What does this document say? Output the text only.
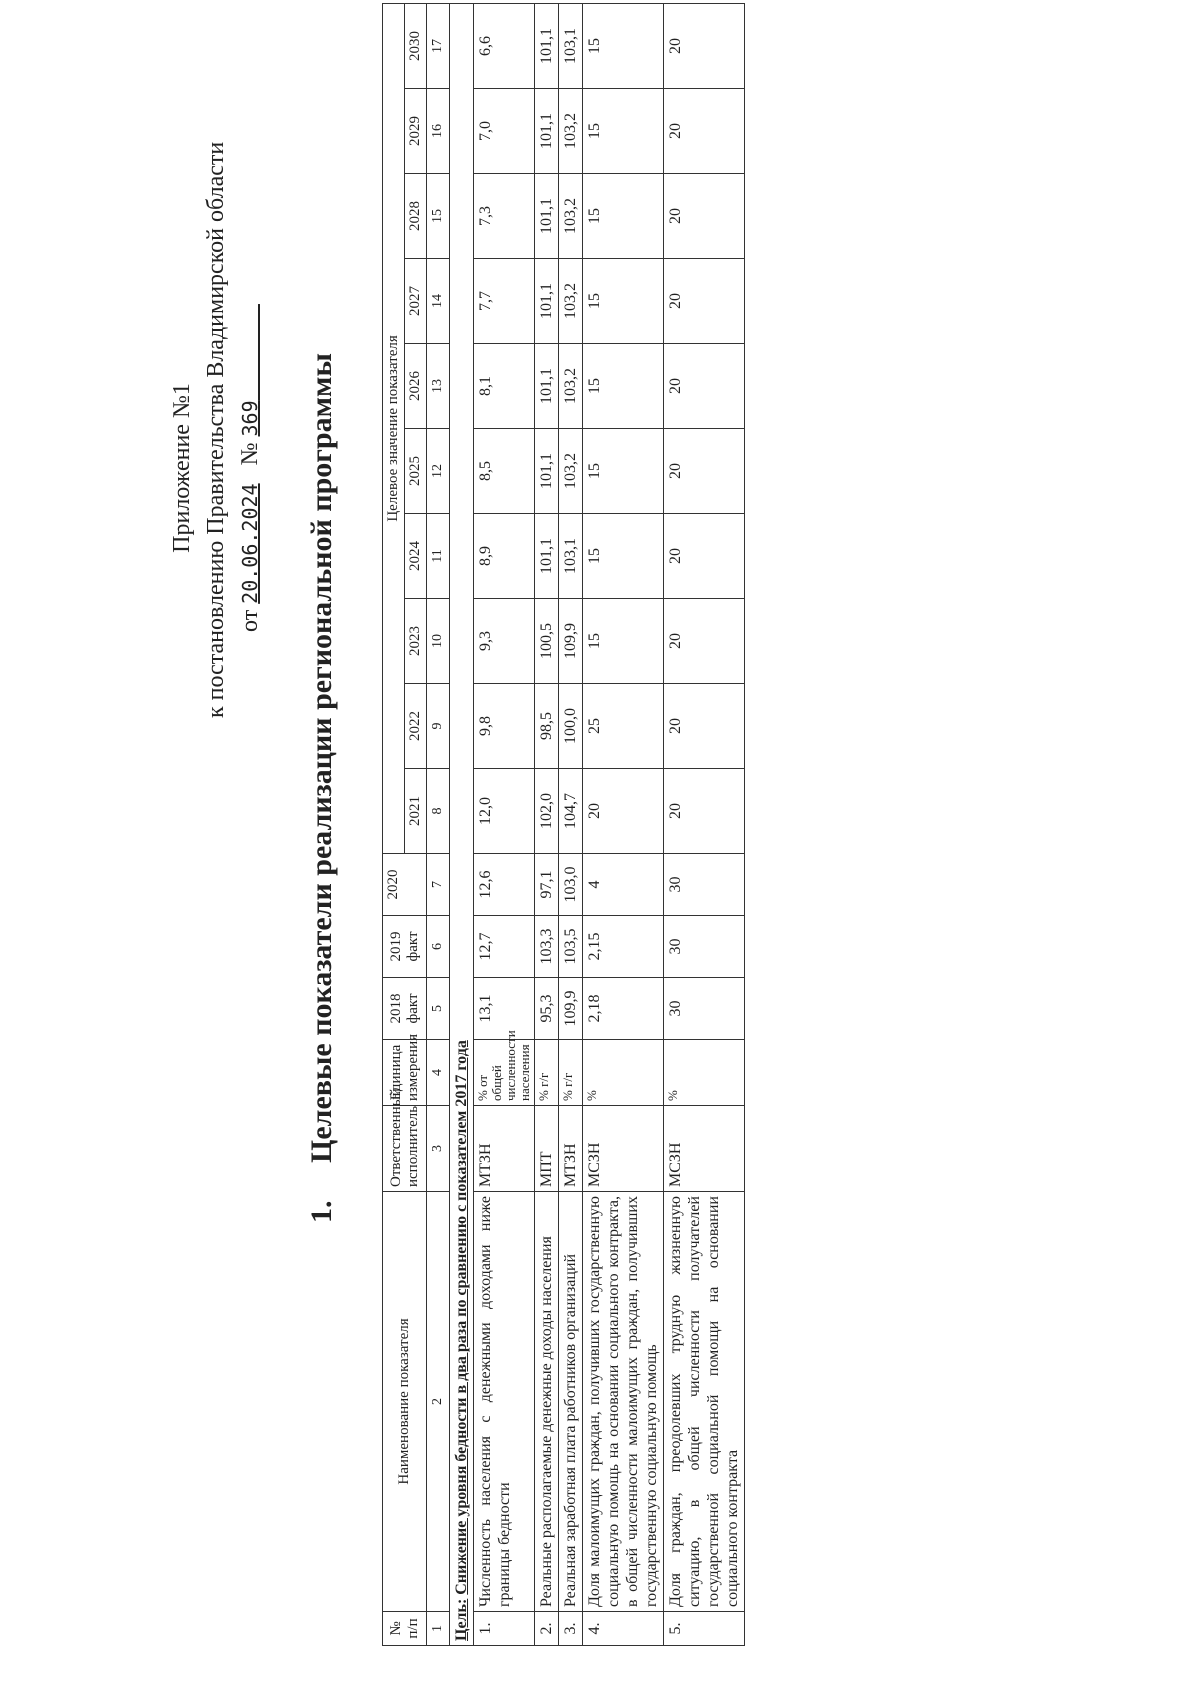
Приложение №1 к постановлению Правительства Владимирской области от 20.06.2024   № 369
1.     Целевые показатели реализации региональной программы
№ п/п	Наименование показателя	Ответственный исполнитель	Единица измерения	2018 факт	2019 факт	2020	Целевое значение показателя									
							2021	2022	2023	2024	2025	2026	2027	2028	2029	2030
1	2	3	4	5	6	7	8	9	10	11	12	13	14	15	16	17
Цель: Снижение уровня бедности в два раза по сравнению с показателем 2017 года																
1.	Численность населения с денежными доходами ниже границы бедности	МТЗН	% от общей численности населения	13,1	12,7	12,6	12,0	9,8	9,3	8,9	8,5	8,1	7,7	7,3	7,0	6,6
2.	Реальные располагаемые денежные доходы населения	МПТ	% г/г	95,3	103,3	97,1	102,0	98,5	100,5	101,1	101,1	101,1	101,1	101,1	101,1	101,1
3.	Реальная заработная плата работников организаций	МТЗН	% г/г	109,9	103,5	103,0	104,7	100,0	109,9	103,1	103,2	103,2	103,2	103,2	103,2	103,1
4.	Доля малоимущих граждан, получивших государственную социальную помощь на основании социального контракта, в общей численности малоимущих граждан, получивших государственную социальную помощь	МСЗН	%	2,18	2,15	4	20	25	15	15	15	15	15	15	15	15
5.	Доля граждан, преодолевших трудную жизненную ситуацию, в общей численности получателей государственной социальной помощи на основании социального контракта	МСЗН	%	30	30	30	20	20	20	20	20	20	20	20	20	20
